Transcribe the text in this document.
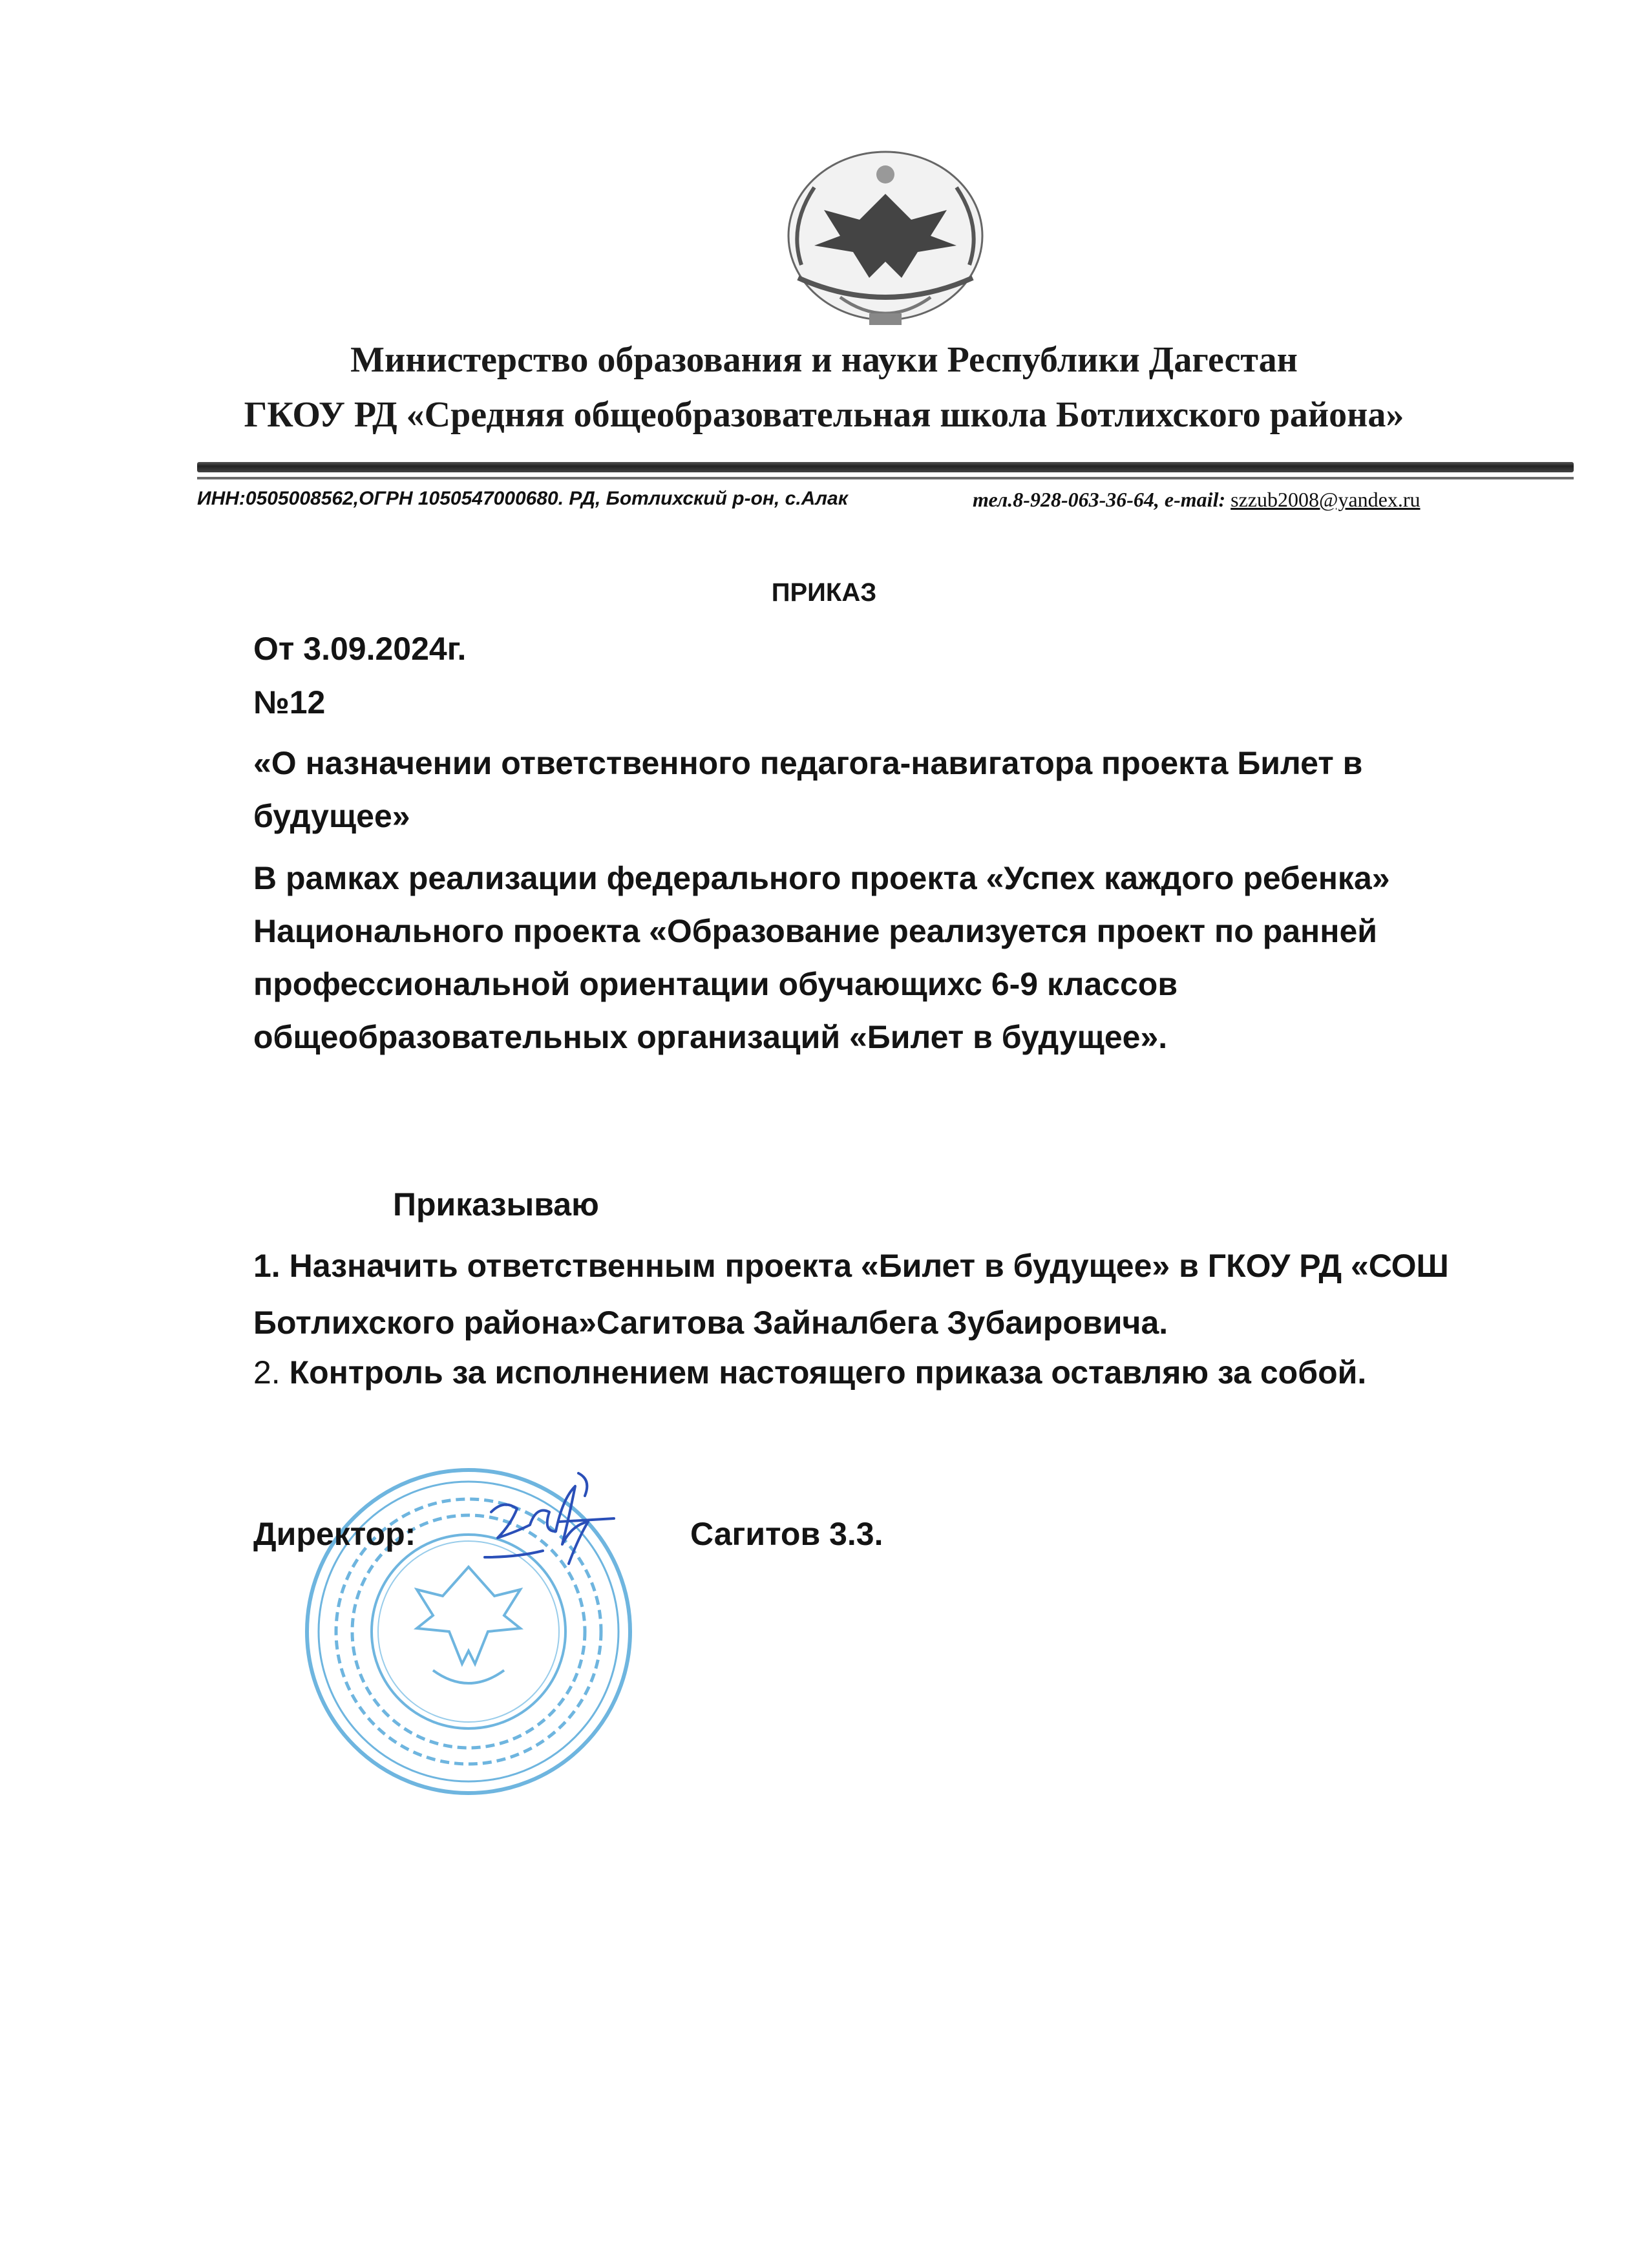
Министерство образования и науки Республики Дагестан
ГКОУ РД «Средняя общеобразовательная школа Ботлихского района»
ИНН:0505008562,ОГРН 1050547000680. РД, Ботлихский р-он, с.Алак	тел.8-928-063-36-64, e-mail: szzub2008@yandex.ru
ПРИКАЗ
От 3.09.2024г.
№12
«О назначении ответственного педагога-навигатора проекта Билет в будущее»
В рамках реализации федерального проекта «Успех каждого ребенка» Национального проекта «Образование реализуется проект по ранней профессиональной ориентации обучающихс 6-9 классов общеобразовательных организаций «Билет в будущее».
Приказываю
1. Назначить ответственным проекта «Билет в будущее» в ГКОУ РД «СОШ Ботлихского района»Сагитова Зайналбега Зубаировича.
2. Контроль за исполнением настоящего приказа оставляю за собой.
Директор:	Сагитов 3.3.
